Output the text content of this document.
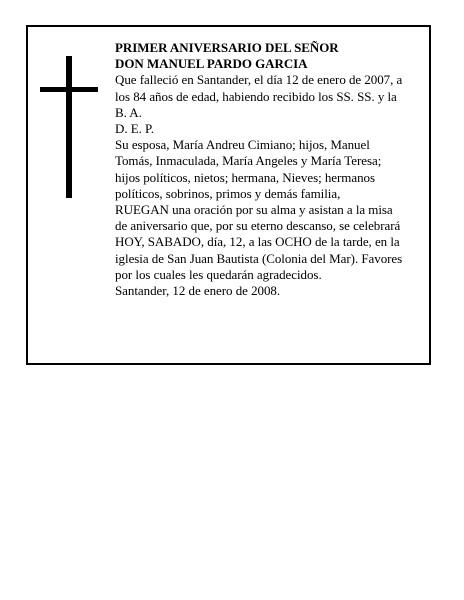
PRIMER ANIVERSARIO DEL SEÑOR
DON MANUEL PARDO GARCIA
Que falleció en Santander, el día 12 de enero de 2007, a
los 84 años de edad, habiendo recibido los SS. SS. y la
B. A.
D. E. P.
Su esposa, María Andreu Cimiano; hijos, Manuel
Tomás, Inmaculada, María Angeles y María Teresa;
hijos políticos, nietos; hermana, Nieves; hermanos
políticos, sobrinos, primos y demás familia,
RUEGAN una oración por su alma y asistan a la misa
de aniversario que, por su eterno descanso, se celebrará
HOY, SABADO, día, 12, a las OCHO de la tarde, en la
iglesia de San Juan Bautista (Colonia del Mar). Favores
por los cuales les quedarán agradecidos.
Santander, 12 de enero de 2008.
